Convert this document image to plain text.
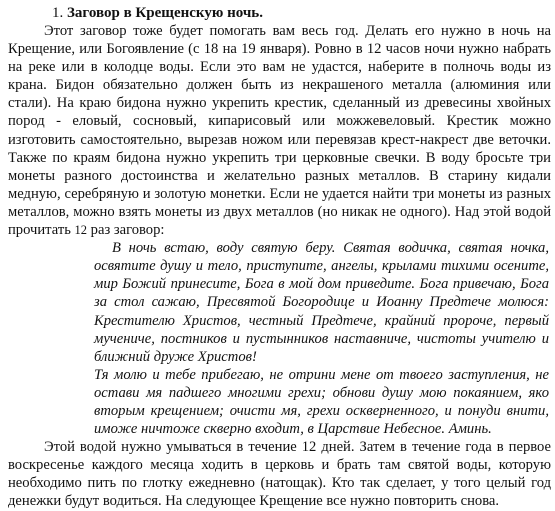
1. Заговор в Крещенскую ночь.

Этот заговор тоже будет помогать вам весь год. Делать его нужно в ночь на Крещение, или Богоявление (с 18 на 19 января). Ровно в 12 часов ночи нужно набрать на реке или в колодце воды. Если это вам не удастся, наберите в полночь воды из крана. Бидон обязательно должен быть из некрашеного металла (алюминия или стали). На краю бидона нужно укрепить крестик, сделанный из древесины хвойных пород - еловый, сосновый, кипарисовый или можжевеловый. Крестик можно изготовить самостоятельно, вырезав ножом или перевязав крест-накрест две веточки. Также по краям бидона нужно укрепить три церковные свечки. В воду бросьте три монеты разного достоинства и желательно разных металлов. В старину кидали медную, серебряную и золотую монетки. Если не удается найти три монеты из разных металлов, можно взять монеты из двух металлов (но никак не одного). Над этой водой прочитать 12 раз заговор:

В ночь встаю, воду святую беру. Святая водичка, святая ночка, освятите душу и тело, приступите, ангелы, крылами тихими осените, мир Божий принесите, Бога в мой дом приведите. Бога привечаю, Бога за стол сажаю, Пресвятой Богородице и Иоанну Предтече молюся: Крестителю Христов, честный Предтече, крайний пророче, первый мучениче, постников и пустынников наставниче, чистоты учителю и ближний друже Христов!

Тя молю и тебе прибегаю, не отрини мене от твоего заступления, не остави мя падшего многими грехи; обнови душу мою покаянием, яко вторым крещением; очисти мя, грехи оскверненного, и понуди внити, иможе ничтоже скверно входит, в Царствие Небесное. Аминь.

Этой водой нужно умываться в течение 12 дней. Затем в течение года в первое воскресенье каждого месяца ходить в церковь и брать там святой воды, которую необходимо пить по глотку ежедневно (натощак). Кто так сделает, у того целый год денежки будут водиться. На следующее Крещение все нужно повторить снова.
